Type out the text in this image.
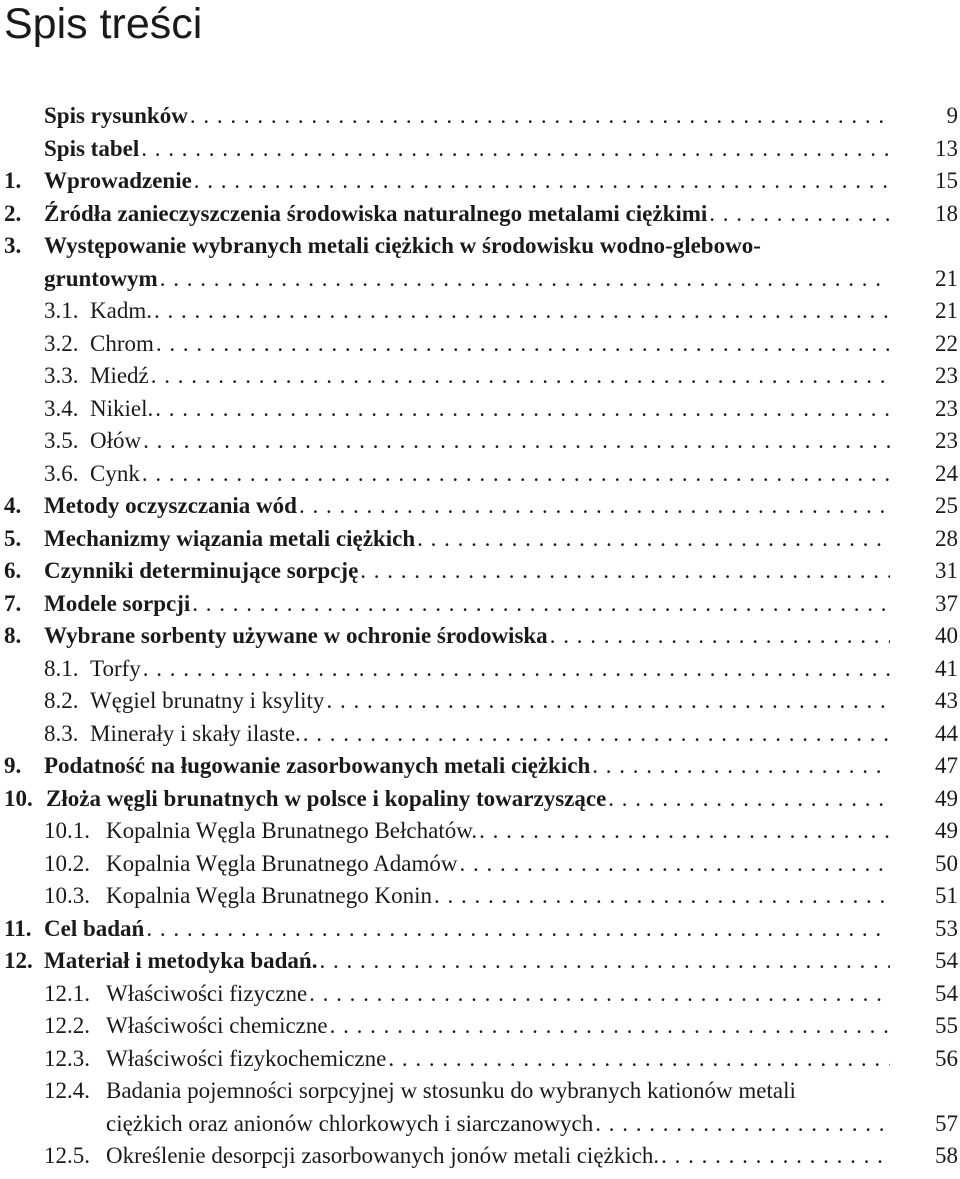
Spis treści
Spis rysunków . . .	9
Spis tabel . . .	13
1. Wprowadzenie . . .	15
2. Źródła zanieczyszczenia środowiska naturalnego metalami ciężkimi . . .	18
3. Występowanie wybranych metali ciężkich w środowisku wodno-glebowo-
gruntowym . . .	21
3.1. Kadm. . . .	21
3.2. Chrom . . .	22
3.3. Miedź . . .	23
3.4. Nikiel. . . .	23
3.5. Ołów . . .	23
3.6. Cynk . . .	24
4. Metody oczyszczania wód . . .	25
5. Mechanizmy wiązania metali ciężkich . . .	28
6. Czynniki determinujące sorpcję . . .	31
7. Modele sorpcji . . .	37
8. Wybrane sorbenty używane w ochronie środowiska . . .	40
8.1. Torfy . . .	41
8.2. Węgiel brunatny i ksylity . . .	43
8.3. Minerały i skały ilaste. . . .	44
9. Podatność na ługowanie zasorbowanych metali ciężkich . . .	47
10. Złoża węgli brunatnych w polsce i kopaliny towarzyszące . . .	49
10.1. Kopalnia Węgla Brunatnego Bełchatów. . . .	49
10.2. Kopalnia Węgla Brunatnego Adamów . . .	50
10.3. Kopalnia Węgla Brunatnego Konin . . .	51
11. Cel badań . . .	53
12. Materiał i metodyka badań. . . .	54
12.1. Właściwości fizyczne . . .	54
12.2. Właściwości chemiczne . . .	55
12.3. Właściwości fizykochemiczne . . .	56
12.4. Badania pojemności sorpcyjnej w stosunku do wybranych kationów metali
ciężkich oraz anionów chlorkowych i siarczanowych . . .	57
12.5. Określenie desorpcji zasorbowanych jonów metali ciężkich. . . .	58
